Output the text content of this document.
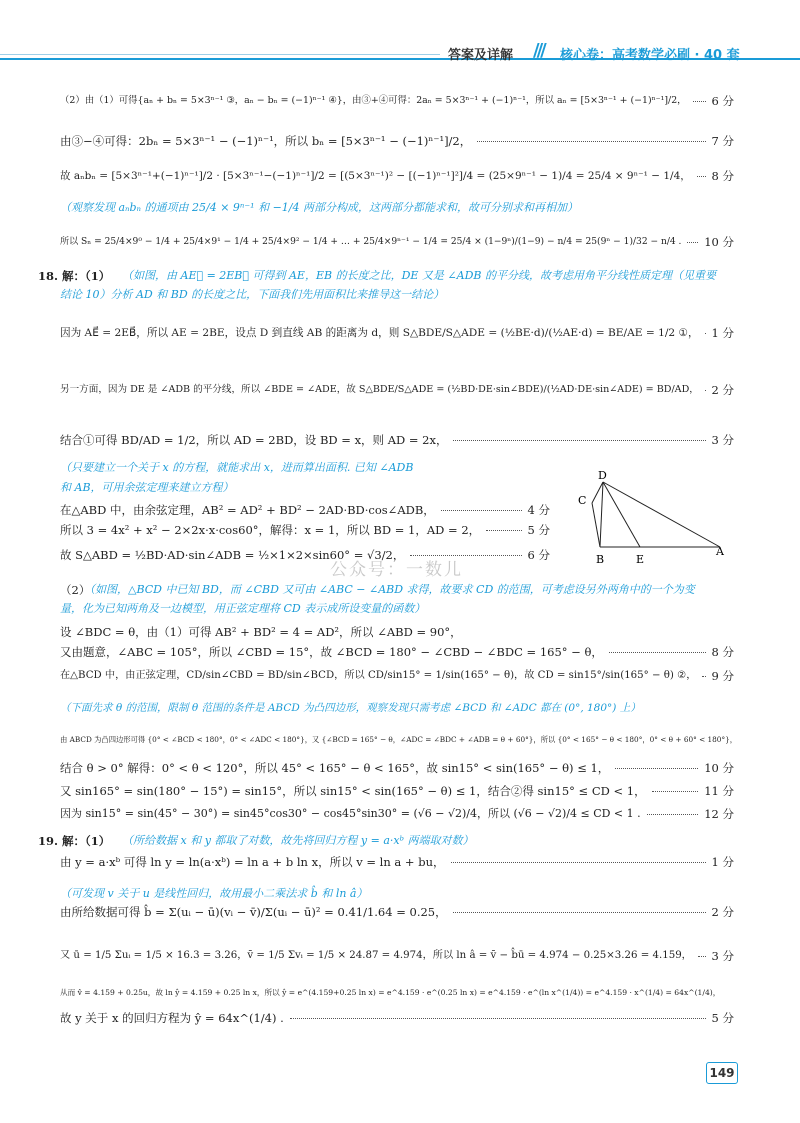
答案及详解 /// 核心卷：高考数学必刷 · 40 套
（2）由（1）可得{aₙ + bₙ = 5×3ⁿ⁻¹ ③，aₙ − bₙ = (−1)ⁿ⁻¹ ④}，由③+④可得：2aₙ = 5×3ⁿ⁻¹ + (−1)ⁿ⁻¹，所以 aₙ = [5×3ⁿ⁻¹ + (−1)ⁿ⁻¹]/2， 6 分
由③−④可得：2bₙ = 5×3ⁿ⁻¹ − (−1)ⁿ⁻¹，所以 bₙ = [5×3ⁿ⁻¹ − (−1)ⁿ⁻¹]/2，	7 分
故 aₙbₙ = [5×3ⁿ⁻¹+(−1)ⁿ⁻¹]/2 · [5×3ⁿ⁻¹−(−1)ⁿ⁻¹]/2 = [(5×3ⁿ⁻¹)² − [(−1)ⁿ⁻¹]²]/4 = (25×9ⁿ⁻¹ − 1)/4 = 25/4 × 9ⁿ⁻¹ − 1/4， 8 分
（观察发现 aₙbₙ 的通项由 25/4 × 9ⁿ⁻¹ 和 −1/4 两部分构成，这两部分都能求和，故可分别求和再相加）
所以 Sₙ = 25/4×9⁰ − 1/4 + 25/4×9¹ − 1/4 + 25/4×9² − 1/4 + … + 25/4×9ⁿ⁻¹ − 1/4 = 25/4 × (1−9ⁿ)/(1−9) − n/4 = 25(9ⁿ − 1)/32 − n/4 . 10 分
18. 解：（1） （如图，由 AE⃗ = 2EB⃗ 可得到 AE，EB 的长度之比，DE 又是 ∠ADB 的平分线，故考虑用角平分线性质定理（见重要
结论 10）分析 AD 和 BD 的长度之比，下面我们先用面积比来推导这一结论）
因为 AE⃗ = 2EB⃗，所以 AE = 2BE，设点 D 到直线 AB 的距离为 d，则 S△BDE/S△ADE = (½BE·d)/(½AE·d) = BE/AE = 1/2 ①， 1 分
另一方面，因为 DE 是 ∠ADB 的平分线，所以 ∠BDE = ∠ADE，故 S△BDE/S△ADE = (½BD·DE·sin∠BDE)/(½AD·DE·sin∠ADE) = BD/AD， 2 分
结合①可得 BD/AD = 1/2，所以 AD = 2BD，设 BD = x，则 AD = 2x，	3 分
（只要建立一个关于 x 的方程，就能求出 x，进而算出面积. 已知 ∠ADB
和 AB，可用余弦定理来建立方程）
在△ABD 中，由余弦定理，AB² = AD² + BD² − 2AD·BD·cos∠ADB，	4 分
所以 3 = 4x² + x² − 2×2x·x·cos60°，解得：x = 1，所以 BD = 1，AD = 2，	5 分
故 S△ABD = ½BD·AD·sin∠ADB = ½×1×2×sin60° = √3/2，	6 分
D
C
B	E
A
公众号：一数儿
（2）
（如图，△BCD 中已知 BD，而 ∠CBD 又可由 ∠ABC − ∠ABD 求得，故要求 CD 的范围，可考虑设另外两角中的一个为变
量，化为已知两角及一边模型，用正弦定理将 CD 表示成所设变量的函数）
设 ∠BDC = θ，由（1）可得 AB² + BD² = 4 = AD²，所以 ∠ABD = 90°，
又由题意，∠ABC = 105°，所以 ∠CBD = 15°，故 ∠BCD = 180° − ∠CBD − ∠BDC = 165° − θ，	8 分
在△BCD 中，由正弦定理，CD/sin∠CBD = BD/sin∠BCD，所以 CD/sin15° = 1/sin(165° − θ)，故 CD = sin15°/sin(165° − θ) ②， 9 分
（下面先求 θ 的范围，限制 θ 范围的条件是 ABCD 为凸四边形，观察发现只需考虑 ∠BCD 和 ∠ADC 都在 (0°, 180°) 上）
由 ABCD 为凸四边形可得 {0° < ∠BCD < 180°，0° < ∠ADC < 180°}，又 {∠BCD = 165° − θ，∠ADC = ∠BDC + ∠ADB = θ + 60°}，所以 {0° < 165° − θ < 180°，0° < θ + 60° < 180°}，
结合 θ > 0° 解得：0° < θ < 120°，所以 45° < 165° − θ < 165°，故 sin15° < sin(165° − θ) ≤ 1，	10 分
又 sin165° = sin(180° − 15°) = sin15°，所以 sin15° < sin(165° − θ) ≤ 1，结合②得 sin15° ≤ CD < 1，	11 分
因为 sin15° = sin(45° − 30°) = sin45°cos30° − cos45°sin30° = (√6 − √2)/4，所以 (√6 − √2)/4 ≤ CD < 1 .	12 分
19. 解：（1） （所给数据 x 和 y 都取了对数，故先将回归方程 y = a·xᵇ 两端取对数）
由 y = a·xᵇ 可得 ln y = ln(a·xᵇ) = ln a + b ln x，所以 v = ln a + bu，	1 分
（可发现 v 关于 u 是线性回归，故用最小二乘法求 b̂ 和 ln â）
由所给数据可得 b̂ = Σ(uᵢ − ū)(vᵢ − v̄)/Σ(uᵢ − ū)² = 0.41/1.64 = 0.25，	2 分
又 ū = 1/5 Σuᵢ = 1/5 × 16.3 = 3.26，v̄ = 1/5 Σvᵢ = 1/5 × 24.87 = 4.974，所以 ln â = v̄ − b̂ū = 4.974 − 0.25×3.26 = 4.159， 3 分
从而 v̂ = 4.159 + 0.25u，故 ln ŷ = 4.159 + 0.25 ln x，所以 ŷ = e^(4.159+0.25 ln x) = e^4.159 · e^(0.25 ln x) = e^4.159 · e^(ln x^(1/4)) = e^4.159 · x^(1/4) = 64x^(1/4)，
故 y 关于 x 的回归方程为 ŷ = 64x^(1/4) .	5 分
149
